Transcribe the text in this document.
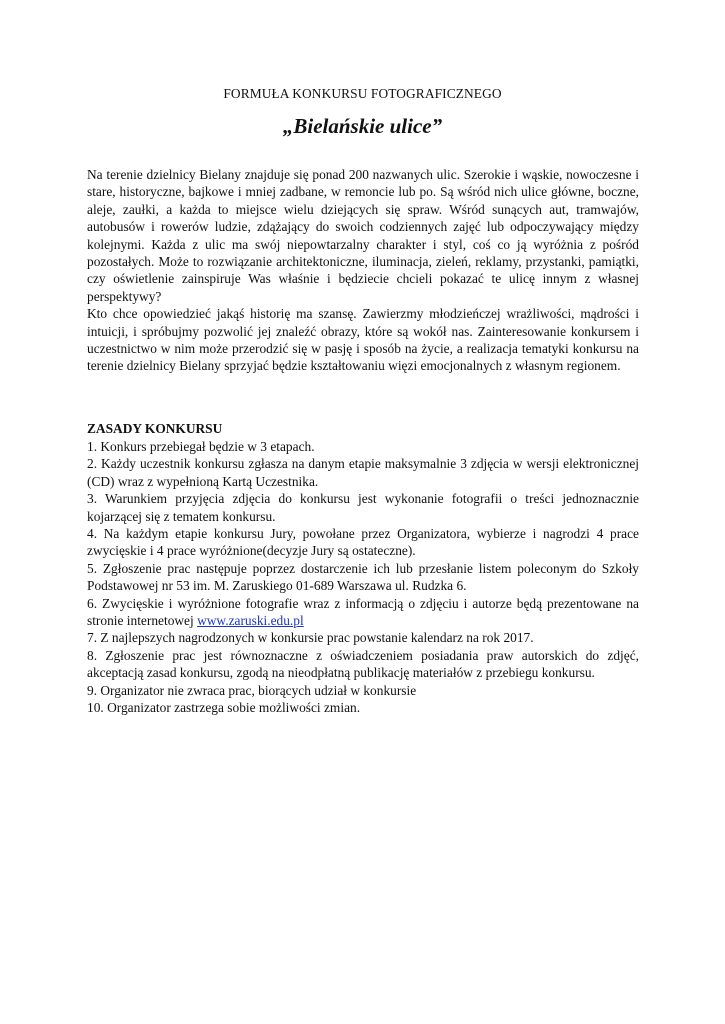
FORMUŁA KONKURSU FOTOGRAFICZNEGO
„Bielańskie ulice”

Na terenie dzielnicy Bielany znajduje się ponad 200 nazwanych ulic. Szerokie i wąskie, nowoczesne i stare, historyczne, bajkowe i mniej zadbane, w remoncie lub po. Są wśród nich ulice główne, boczne, aleje, zaułki, a każda to miejsce wielu dziejących się spraw. Wśród sunących aut, tramwajów, autobusów i rowerów ludzie, zdążający do swoich codziennych zajęć lub odpoczywający między kolejnymi. Każda z ulic ma swój niepowtarzalny charakter i styl, coś co ją wyróżnia z pośród pozostałych. Może to rozwiązanie architektoniczne, iluminacja, zieleń, reklamy, przystanki, pamiątki, czy oświetlenie zainspiruje Was właśnie i będziecie chcieli pokazać te ulicę innym z własnej perspektywy?

Kto chce opowiedzieć jakąś historię ma szansę. Zawierzmy młodzieńczej wrażliwości, mądrości i intuicji, i spróbujmy pozwolić jej znaleźć obrazy, które są wokół nas. Zainteresowanie konkursem i uczestnictwo w nim może przerodzić się w pasję i sposób na życie, a realizacja tematyki konkursu na terenie dzielnicy Bielany sprzyjać będzie kształtowaniu więzi emocjonalnych z własnym regionem.

ZASADY KONKURSU
1. Konkurs przebiegał będzie w 3 etapach.
2. Każdy uczestnik konkursu zgłasza na danym etapie maksymalnie 3 zdjęcia w wersji elektronicznej (CD) wraz z wypełnioną Kartą Uczestnika.
3. Warunkiem przyjęcia zdjęcia do konkursu jest wykonanie fotografii o treści jednoznacznie kojarzącej się z tematem konkursu.
4. Na każdym etapie konkursu Jury, powołane przez Organizatora, wybierze i nagrodzi 4 prace zwycięskie i 4 prace wyróżnione(decyzje Jury są ostateczne).
5. Zgłoszenie prac następuje poprzez dostarczenie ich lub przesłanie listem poleconym do Szkoły Podstawowej nr 53 im. M. Zaruskiego 01-689 Warszawa ul. Rudzka 6.
6. Zwycięskie i wyróżnione fotografie wraz z informacją o zdjęciu i autorze będą prezentowane na stronie internetowej www.zaruski.edu.pl
7. Z najlepszych nagrodzonych w konkursie prac powstanie kalendarz na rok 2017.
8. Zgłoszenie prac jest równoznaczne z oświadczeniem posiadania praw autorskich do zdjęć, akceptacją zasad konkursu, zgodą na nieodpłatną publikację materiałów z przebiegu konkursu.
9. Organizator nie zwraca prac, biorących udział w konkursie
10. Organizator zastrzega sobie możliwości zmian.
